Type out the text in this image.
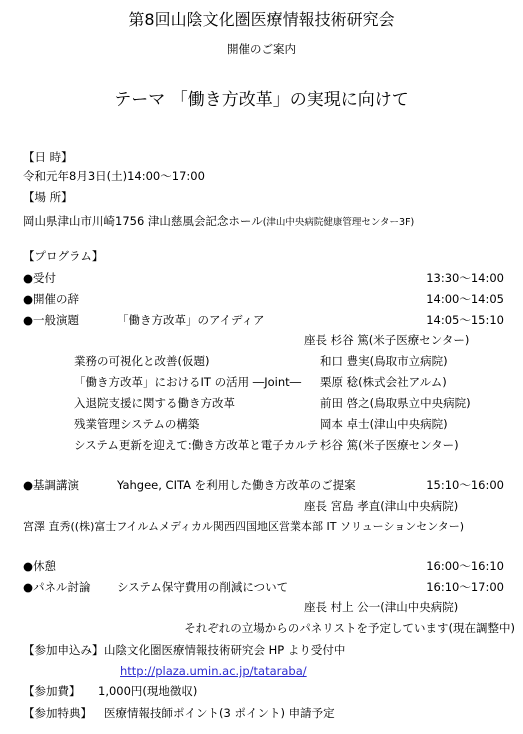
第8回山陰文化圏医療情報技術研究会
開催のご案内
テーマ 「働き方改革」の実現に向けて
【日 時】
令和元年8月3日(土)14:00～17:00
【場 所】
岡山県津山市川崎1756 津山慈風会記念ホール(津山中央病院健康管理センター3F)
【プログラム】
●受付	13:30～14:00
●開催の辞	14:00～14:05
●一般演題	「働き方改革」のアイディア	14:05～15:10
座長 杉谷 篤(米子医療センター)
業務の可視化と改善(仮題)	和口 豊実(鳥取市立病院)
「働き方改革」におけるIT の活用 ―Joint― 栗原 稔(株式会社アルム)
入退院支援に関する働き方改革	前田 啓之(鳥取県立中央病院)
残業管理システムの構築	岡本 卓士(津山中央病院)
システム更新を迎えて:働き方改革と電子カルテ 杉谷 篤(米子医療センター)
●基調講演	Yahgee, CITA を利用した働き方改革のご提案	15:10～16:00
座長 宮島 孝直(津山中央病院)
宮澤 直秀((株)富士フイルムメディカル関西四国地区営業本部 IT ソリューションセンター)
●休憩	16:00～16:10
●パネル討論 システム保守費用の削減について	16:10～17:00
座長 村上 公一(津山中央病院)
それぞれの立場からのパネリストを予定しています(現在調整中)
【参加申込み】 山陰文化圏医療情報技術研究会 HP より受付中
http://plaza.umin.ac.jp/tataraba/
【参加費】 1,000円(現地徴収)
【参加特典】 医療情報技師ポイント(3 ポイント) 申請予定
